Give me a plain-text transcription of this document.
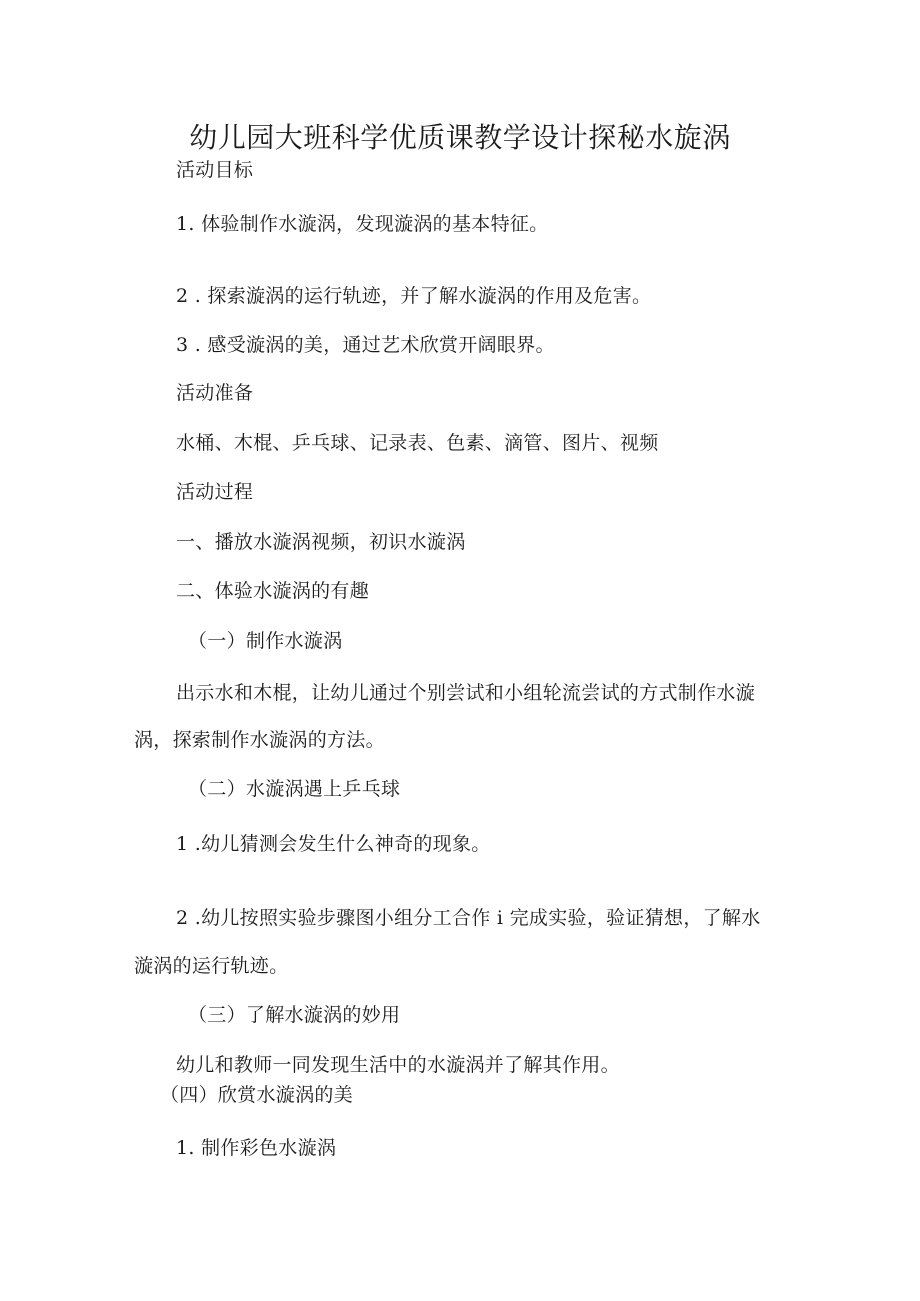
幼儿园大班科学优质课教学设计探秘水旋涡
活动目标
1. 体验制作水漩涡，发现漩涡的基本特征。
2 . 探索漩涡的运行轨迹，并了解水漩涡的作用及危害。
3 . 感受漩涡的美，通过艺术欣赏开阔眼界。
活动准备
水桶、木棍、乒乓球、记录表、色素、滴管、图片、视频
活动过程
一、播放水漩涡视频，初识水漩涡
二、体验水漩涡的有趣
（一）制作水漩涡
出示水和木棍，让幼儿通过个别尝试和小组轮流尝试的方式制作水漩
涡，探索制作水漩涡的方法。
（二）水漩涡遇上乒乓球
1 .幼儿猜测会发生什么神奇的现象。
2 .幼儿按照实验步骤图小组分工合作 i 完成实验，验证猜想，了解水
漩涡的运行轨迹。
（三）了解水漩涡的妙用
幼儿和教师一同发现生活中的水漩涡并了解其作用。
（四）欣赏水漩涡的美
1. 制作彩色水漩涡
